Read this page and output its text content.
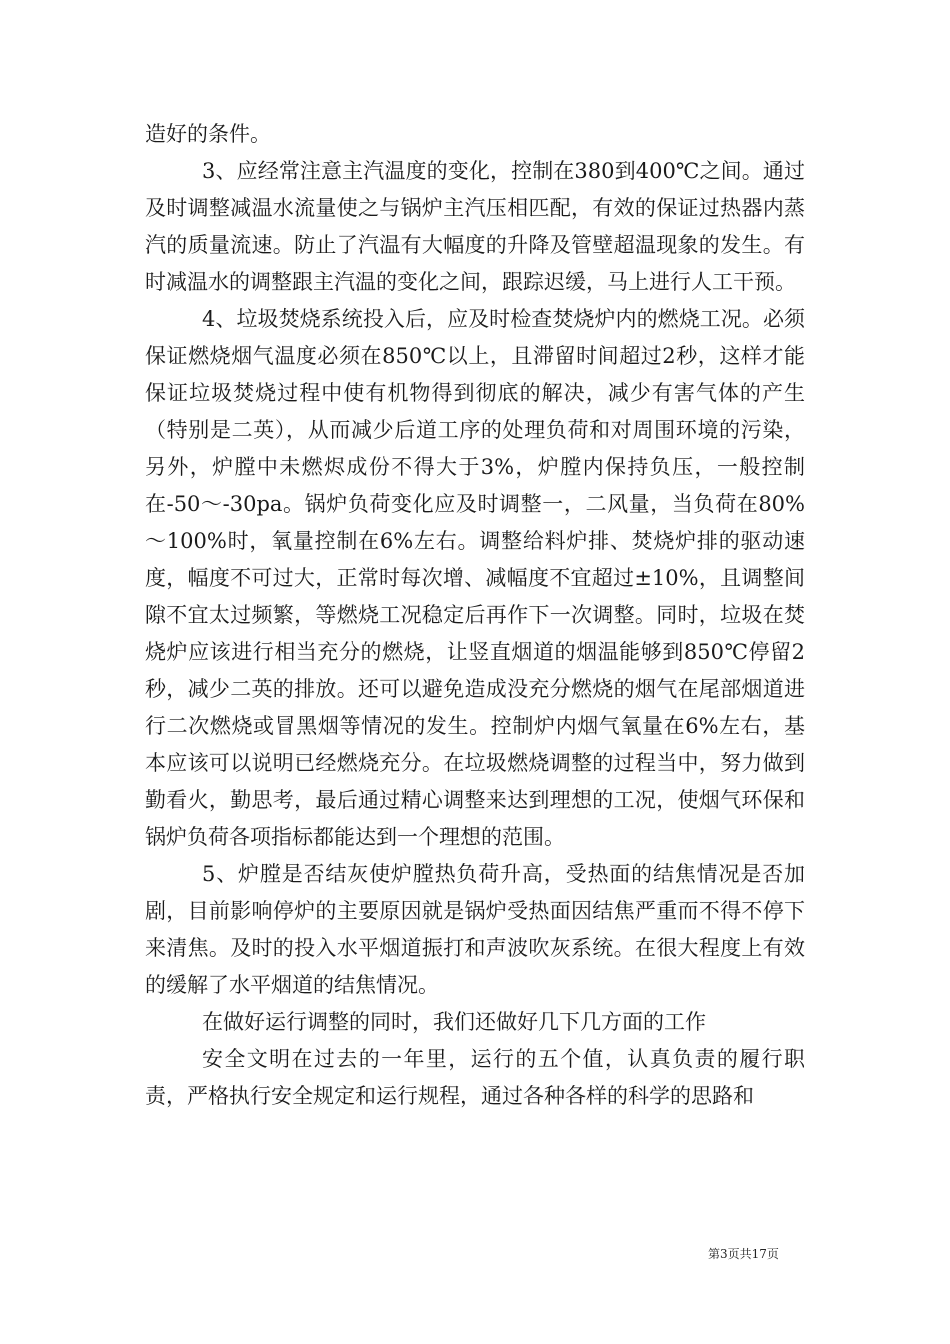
造好的条件。

3、应经常注意主汽温度的变化，控制在380到400℃之间。通过及时调整减温水流量使之与锅炉主汽压相匹配，有效的保证过热器内蒸汽的质量流速。防止了汽温有大幅度的升降及管壁超温现象的发生。有时减温水的调整跟主汽温的变化之间，跟踪迟缓，马上进行人工干预。

4、垃圾焚烧系统投入后，应及时检查焚烧炉内的燃烧工况。必须保证燃烧烟气温度必须在850℃以上，且滞留时间超过2秒，这样才能保证垃圾焚烧过程中使有机物得到彻底的解决，减少有害气体的产生（特别是二英），从而减少后道工序的处理负荷和对周围环境的污染，另外，炉膛中未燃烬成份不得大于3%，炉膛内保持负压，一般控制在-50～-30pa。锅炉负荷变化应及时调整一，二风量，当负荷在80%～100%时，氧量控制在6%左右。调整给料炉排、焚烧炉排的驱动速度，幅度不可过大，正常时每次增、减幅度不宜超过±10%，且调整间隙不宜太过频繁，等燃烧工况稳定后再作下一次调整。同时，垃圾在焚烧炉应该进行相当充分的燃烧，让竖直烟道的烟温能够到850℃停留2秒，减少二英的排放。还可以避免造成没充分燃烧的烟气在尾部烟道进行二次燃烧或冒黑烟等情况的发生。控制炉内烟气氧量在6%左右，基本应该可以说明已经燃烧充分。在垃圾燃烧调整的过程当中，努力做到勤看火，勤思考，最后通过精心调整来达到理想的工况，使烟气环保和锅炉负荷各项指标都能达到一个理想的范围。

5、炉膛是否结灰使炉膛热负荷升高，受热面的结焦情况是否加剧，目前影响停炉的主要原因就是锅炉受热面因结焦严重而不得不停下来清焦。及时的投入水平烟道振打和声波吹灰系统。在很大程度上有效的缓解了水平烟道的结焦情况。

在做好运行调整的同时，我们还做好几下几方面的工作

安全文明在过去的一年里，运行的五个值，认真负责的履行职责，严格执行安全规定和运行规程，通过各种各样的科学的思路和

第3页共17页
